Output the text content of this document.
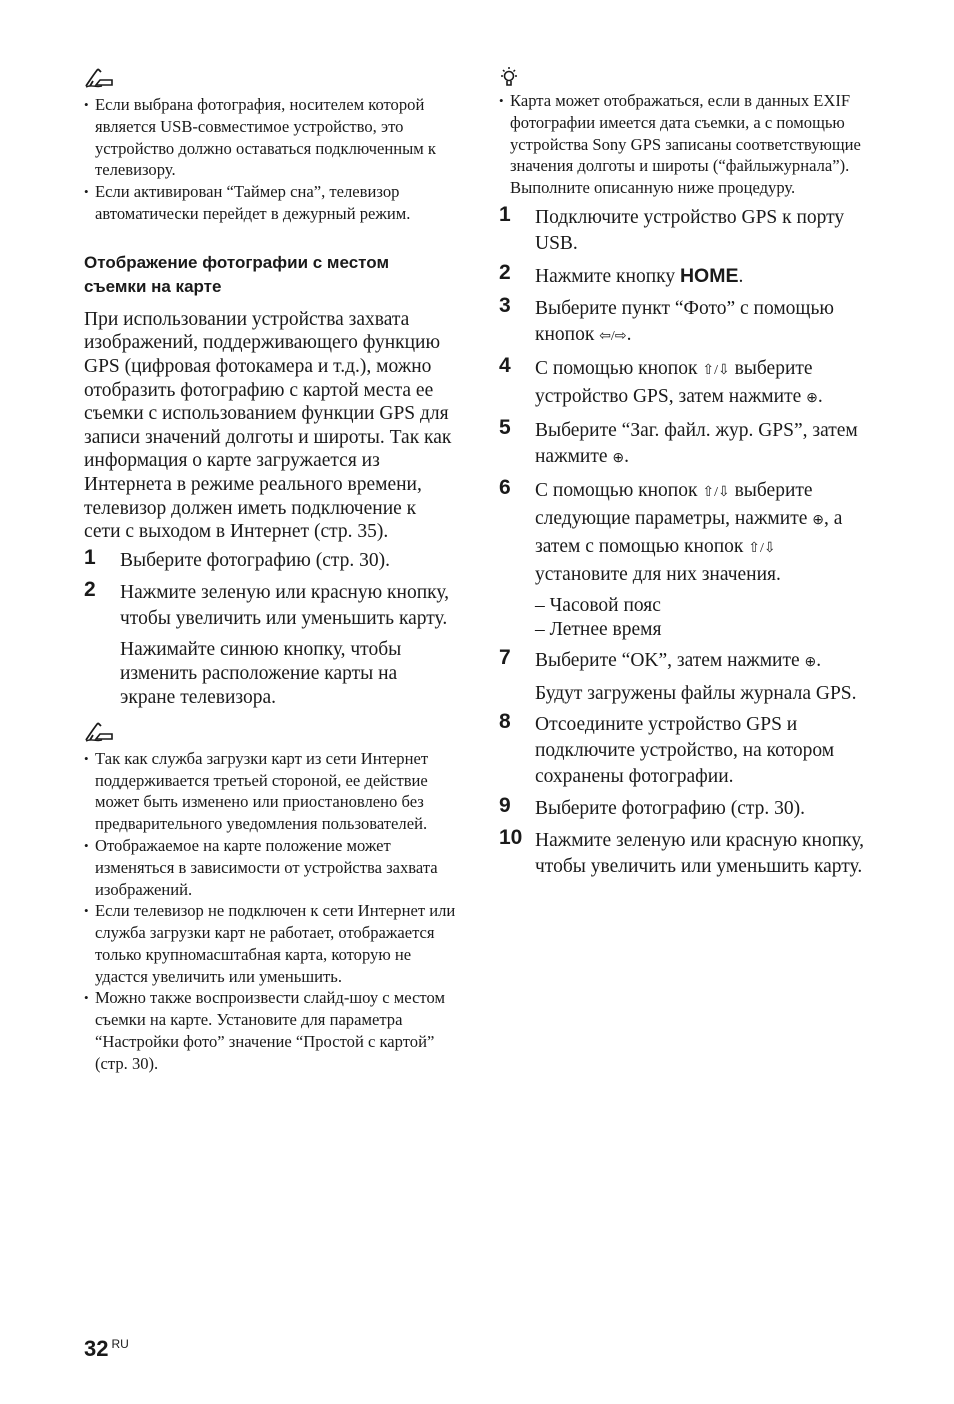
• Если выбрана фотография, носителем которой является USB-совместимое устройство, это устройство должно оставаться подключенным к телевизору.
• Если активирован “Таймер сна”, телевизор автоматически перейдет в дежурный режим.
Отображение фотографии с местом съемки на карте

При использовании устройства захвата изображений, поддерживающего функцию GPS (цифровая фотокамера и т.д.), можно отобразить фотографию с картой места ее съемки с использованием функции GPS для записи значений долготы и широты. Так как информация о карте загружается из Интернета в режиме реального времени, телевизор должен иметь подключение к сети с выходом в Интернет (стр. 35).

1 Выберите фотографию (стр. 30).
2 Нажмите зеленую или красную кнопку, чтобы увеличить или уменьшить карту.
Нажимайте синюю кнопку, чтобы изменить расположение карты на экране телевизора.
• Так как служба загрузки карт из сети Интернет поддерживается третьей стороной, ее действие может быть изменено или приостановлено без предварительного уведомления пользователей.
• Отображаемое на карте положение может изменяться в зависимости от устройства захвата изображений.
• Если телевизор не подключен к сети Интернет или служба загрузки карт не работает, отображается только крупномасштабная карта, которую не удастся увеличить или уменьшить.
• Можно также воспроизвести слайд-шоу с местом съемки на карте. Установите для параметра “Настройки фото” значение “Простой с картой” (стр. 30).
• Карта может отображаться, если в данных EXIF фотографии имеется дата съемки, а с помощью устройства Sony GPS записаны соответствующие значения долготы и широты (“файлыжурнала”). Выполните описанную ниже процедуру.
1 Подключите устройство GPS к порту USB.
2 Нажмите кнопку HOME.
3 Выберите пункт “Фото” с помощью кнопок ⇦/⇨.
4 С помощью кнопок ⇧/⇩ выберите устройство GPS, затем нажмите ⊕.
5 Выберите “Заг. файл. жур. GPS”, затем нажмите ⊕.
6 С помощью кнопок ⇧/⇩ выберите следующие параметры, нажмите ⊕, а затем с помощью кнопок ⇧/⇩ установите для них значения.
– Часовой пояс
– Летнее время
7 Выберите “OK”, затем нажмите ⊕.
Будут загружены файлы журнала GPS.
8 Отсоедините устройство GPS и подключите устройство, на котором сохранены фотографии.
9 Выберите фотографию (стр. 30).
10 Нажмите зеленую или красную кнопку, чтобы увеличить или уменьшить карту.
32 $^{RU}$
